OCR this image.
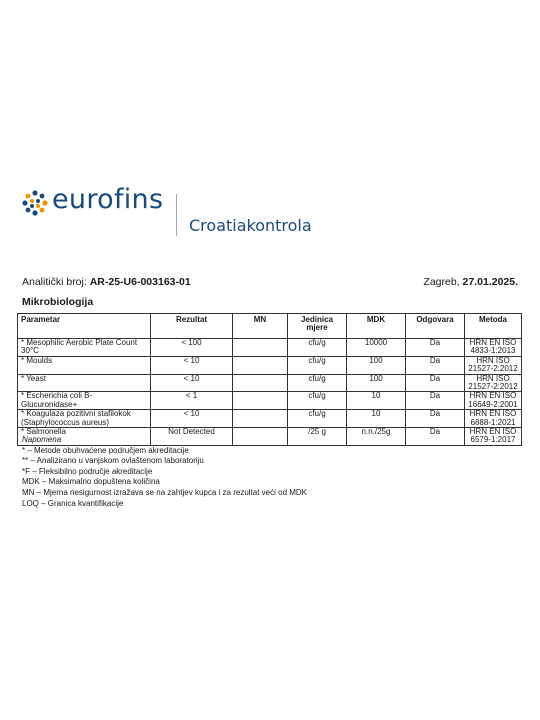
eurofins
Croatiakontrola
Analitički broj: AR-25-U6-003163-01	Zagreb, 27.01.2025.
Mikrobiologija
Parametar	Rezultat	MN	Jedinica mjere	MDK	Odgovara	Metoda
* Mesophilic Aerobic Plate Count 30°C	< 100		cfu/g	10000	Da	HRN EN ISO 4833-1:2013
* Moulds	< 10		cfu/g	100	Da	HRN ISO 21527-2:2012
* Yeast	< 10		cfu/g	100	Da	HRN ISO 21527-2:2012
* Escherichia coli B-Glucuronidase+	< 1		cfu/g	10	Da	HRN EN ISO 16649-2:2001
* Koagulaza pozitivni stafilokok (Staphylococcus aureus)	< 10		cfu/g	10	Da	HRN EN ISO 6888-1:2021
* Salmonella	Not Detected		/25 g	n.n./25g	Da	HRN EN ISO 6579-1:2017
Napomena
* – Metode obuhvaćene područjem akreditacije
** – Analizirano u vanjskom ovlaštenom laboratoriju
*F – Fleksibilno područje akreditacije
MDK – Maksimalno dopuštena količina
MN – Mjerna nesigurnost izražava se na zahtjev kupca i za rezultat veći od MDK
LOQ – Granica kvantifikacije
